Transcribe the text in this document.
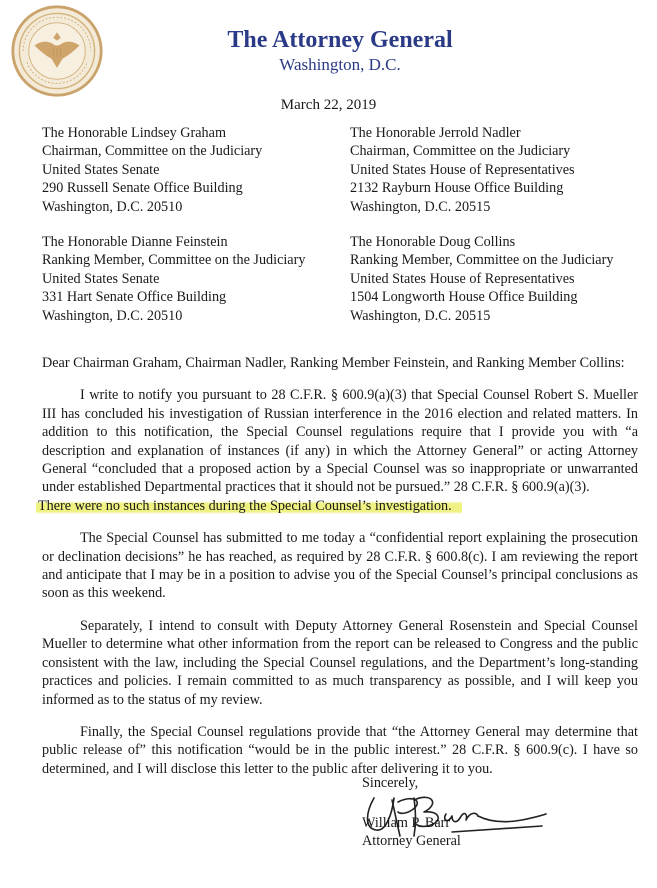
The Attorney General
Washington, D.C.
March 22, 2019
The Honorable Lindsey Graham
Chairman, Committee on the Judiciary
United States Senate
290 Russell Senate Office Building
Washington, D.C. 20510
The Honorable Jerrold Nadler
Chairman, Committee on the Judiciary
United States House of Representatives
2132 Rayburn House Office Building
Washington, D.C. 20515
The Honorable Dianne Feinstein
Ranking Member, Committee on the Judiciary
United States Senate
331 Hart Senate Office Building
Washington, D.C. 20510
The Honorable Doug Collins
Ranking Member, Committee on the Judiciary
United States House of Representatives
1504 Longworth House Office Building
Washington, D.C. 20515

Dear Chairman Graham, Chairman Nadler, Ranking Member Feinstein, and Ranking Member Collins:

I write to notify you pursuant to 28 C.F.R. § 600.9(a)(3) that Special Counsel Robert S. Mueller III has concluded his investigation of Russian interference in the 2016 election and related matters. In addition to this notification, the Special Counsel regulations require that I provide you with “a description and explanation of instances (if any) in which the Attorney General” or acting Attorney General “concluded that a proposed action by a Special Counsel was so inappropriate or unwarranted under established Departmental practices that it should not be pursued.” 28 C.F.R. § 600.9(a)(3).
There were no such instances during the Special Counsel’s investigation.

The Special Counsel has submitted to me today a “confidential report explaining the prosecution or declination decisions” he has reached, as required by 28 C.F.R. § 600.8(c). I am reviewing the report and anticipate that I may be in a position to advise you of the Special Counsel’s principal conclusions as soon as this weekend.

Separately, I intend to consult with Deputy Attorney General Rosenstein and Special Counsel Mueller to determine what other information from the report can be released to Congress and the public consistent with the law, including the Special Counsel regulations, and the Department’s long-standing practices and policies. I remain committed to as much transparency as possible, and I will keep you informed as to the status of my review.

Finally, the Special Counsel regulations provide that “the Attorney General may determine that public release of” this notification “would be in the public interest.” 28 C.F.R. § 600.9(c). I have so determined, and I will disclose this letter to the public after delivering it to you.

Sincerely,
William P. Barr
Attorney General
